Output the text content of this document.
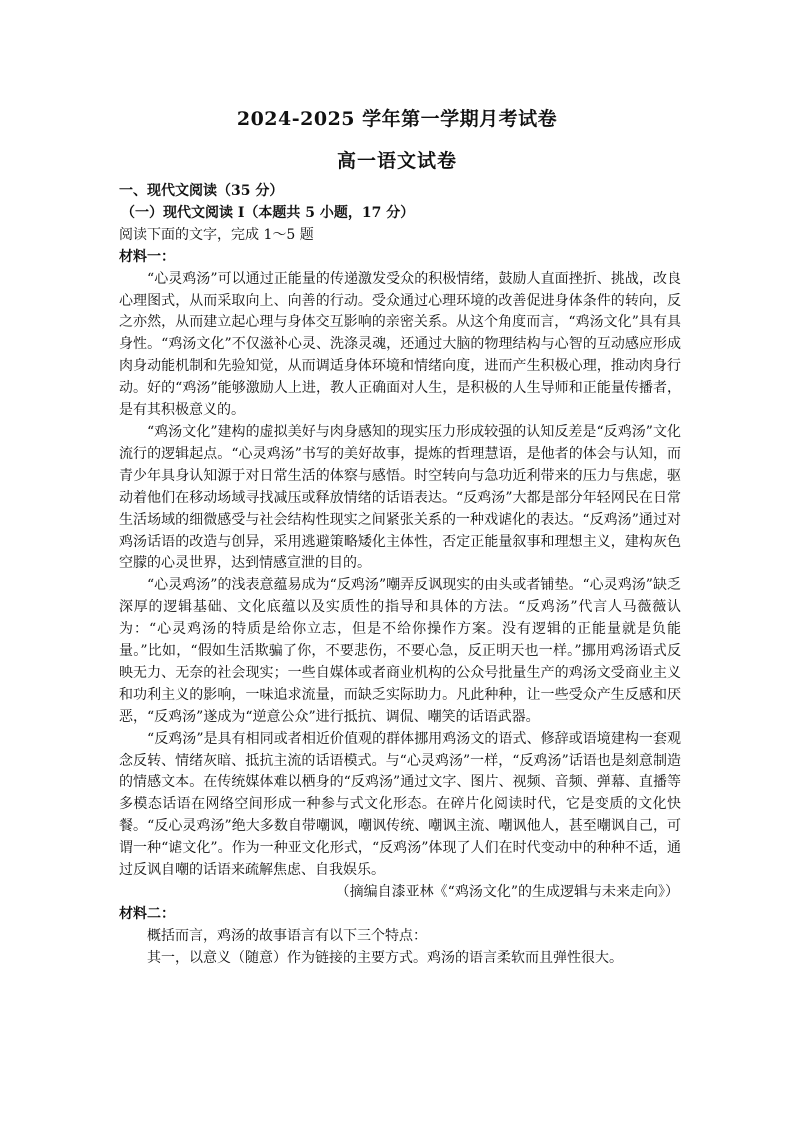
2024-2025 学年第一学期月考试卷
高一语文试卷

一、现代文阅读（35 分）

（一）现代文阅读 I（本题共 5 小题，17 分）

阅读下面的文字，完成 1～5 题

材料一：

“心灵鸡汤”可以通过正能量的传递激发受众的积极情绪，鼓励人直面挫折、挑战，改良心理图式，从而采取向上、向善的行动。受众通过心理环境的改善促进身体条件的转向，反之亦然，从而建立起心理与身体交互影响的亲密关系。从这个角度而言，“鸡汤文化”具有具身性。“鸡汤文化”不仅滋补心灵、洗涤灵魂，还通过大脑的物理结构与心智的互动感应形成肉身动能机制和先验知觉，从而调适身体环境和情绪向度，进而产生积极心理，推动肉身行动。好的“鸡汤”能够激励人上进，教人正确面对人生，是积极的人生导师和正能量传播者，是有其积极意义的。

“鸡汤文化”建构的虚拟美好与肉身感知的现实压力形成较强的认知反差是“反鸡汤”文化流行的逻辑起点。“心灵鸡汤”书写的美好故事，提炼的哲理慧语，是他者的体会与认知，而青少年具身认知源于对日常生活的体察与感悟。时空转向与急功近利带来的压力与焦虑，驱动着他们在移动场域寻找减压或释放情绪的话语表达。“反鸡汤”大都是部分年轻网民在日常生活场域的细微感受与社会结构性现实之间紧张关系的一种戏谑化的表达。“反鸡汤”通过对鸡汤话语的改造与创异，采用逃避策略矮化主体性，否定正能量叙事和理想主义，建构灰色空朦的心灵世界，达到情感宣泄的目的。

“心灵鸡汤”的浅表意蕴易成为“反鸡汤”嘲弄反讽现实的由头或者铺垫。“心灵鸡汤”缺乏深厚的逻辑基础、文化底蕴以及实质性的指导和具体的方法。“反鸡汤”代言人马薇薇认为：“心灵鸡汤的特质是给你立志，但是不给你操作方案。没有逻辑的正能量就是负能量。”比如，“假如生活欺骗了你，不要悲伤，不要心急，反正明天也一样。”挪用鸡汤语式反映无力、无奈的社会现实；一些自媒体或者商业机构的公众号批量生产的鸡汤文受商业主义和功利主义的影响，一味追求流量，而缺乏实际助力。凡此种种，让一些受众产生反感和厌恶，“反鸡汤”遂成为“逆意公众”进行抵抗、调侃、嘲笑的话语武器。

“反鸡汤”是具有相同或者相近价值观的群体挪用鸡汤文的语式、修辞或语境建构一套观念反转、情绪灰暗、抵抗主流的话语模式。与“心灵鸡汤”一样，“反鸡汤”话语也是刻意制造的情感文本。在传统媒体难以栖身的“反鸡汤”通过文字、图片、视频、音频、弹幕、直播等多模态话语在网络空间形成一种参与式文化形态。在碎片化阅读时代，它是变质的文化快餐。“反心灵鸡汤”绝大多数自带嘲讽，嘲讽传统、嘲讽主流、嘲讽他人，甚至嘲讽自己，可谓一种“谑文化”。作为一种亚文化形式，“反鸡汤”体现了人们在时代变动中的种种不适，通过反讽自嘲的话语来疏解焦虑、自我娱乐。

（摘编自漆亚林《“鸡汤文化”的生成逻辑与未来走向》）

材料二：

概括而言，鸡汤的故事语言有以下三个特点：

其一，以意义（随意）作为链接的主要方式。鸡汤的语言柔软而且弹性很大。
